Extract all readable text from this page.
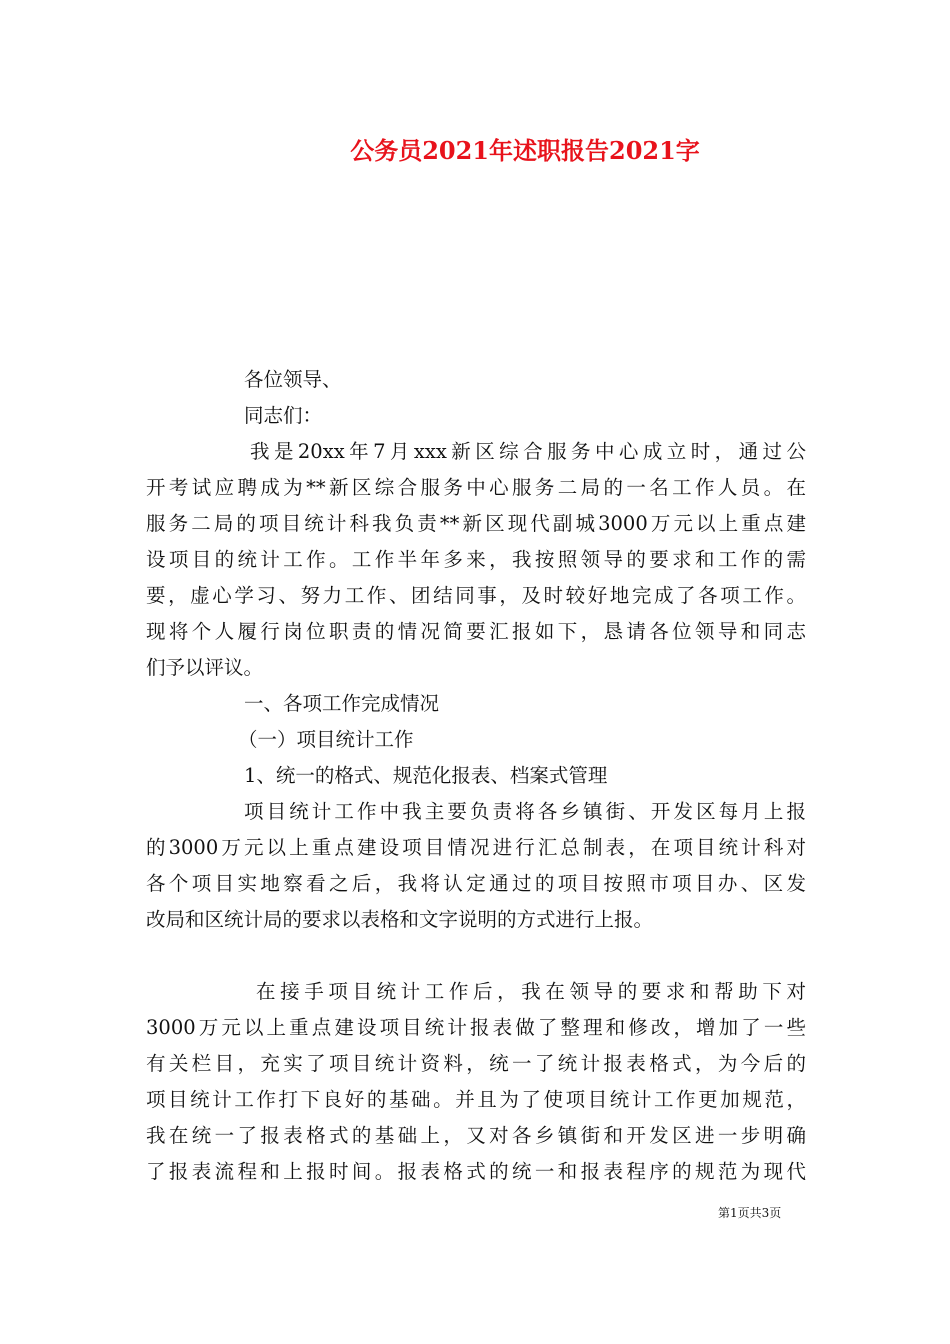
公务员2021年述职报告2021字
各位领导、
同志们：
我是20xx年7月xxx新区综合服务中心成立时，通过公
开考试应聘成为**新区综合服务中心服务二局的一名工作人员。在
服务二局的项目统计科我负责**新区现代副城3000万元以上重点建
设项目的统计工作。工作半年多来，我按照领导的要求和工作的需
要，虚心学习、努力工作、团结同事，及时较好地完成了各项工作。
现将个人履行岗位职责的情况简要汇报如下，恳请各位领导和同志
们予以评议。
一、各项工作完成情况
（一）项目统计工作
1、统一的格式、规范化报表、档案式管理
项目统计工作中我主要负责将各乡镇街、开发区每月上报
的3000万元以上重点建设项目情况进行汇总制表，在项目统计科对
各个项目实地察看之后，我将认定通过的项目按照市项目办、区发
改局和区统计局的要求以表格和文字说明的方式进行上报。
在接手项目统计工作后，我在领导的要求和帮助下对
3000万元以上重点建设项目统计报表做了整理和修改，增加了一些
有关栏目，充实了项目统计资料，统一了统计报表格式，为今后的
项目统计工作打下良好的基础。并且为了使项目统计工作更加规范，
我在统一了报表格式的基础上，又对各乡镇街和开发区进一步明确
了报表流程和上报时间。报表格式的统一和报表程序的规范为现代
第1页共3页
